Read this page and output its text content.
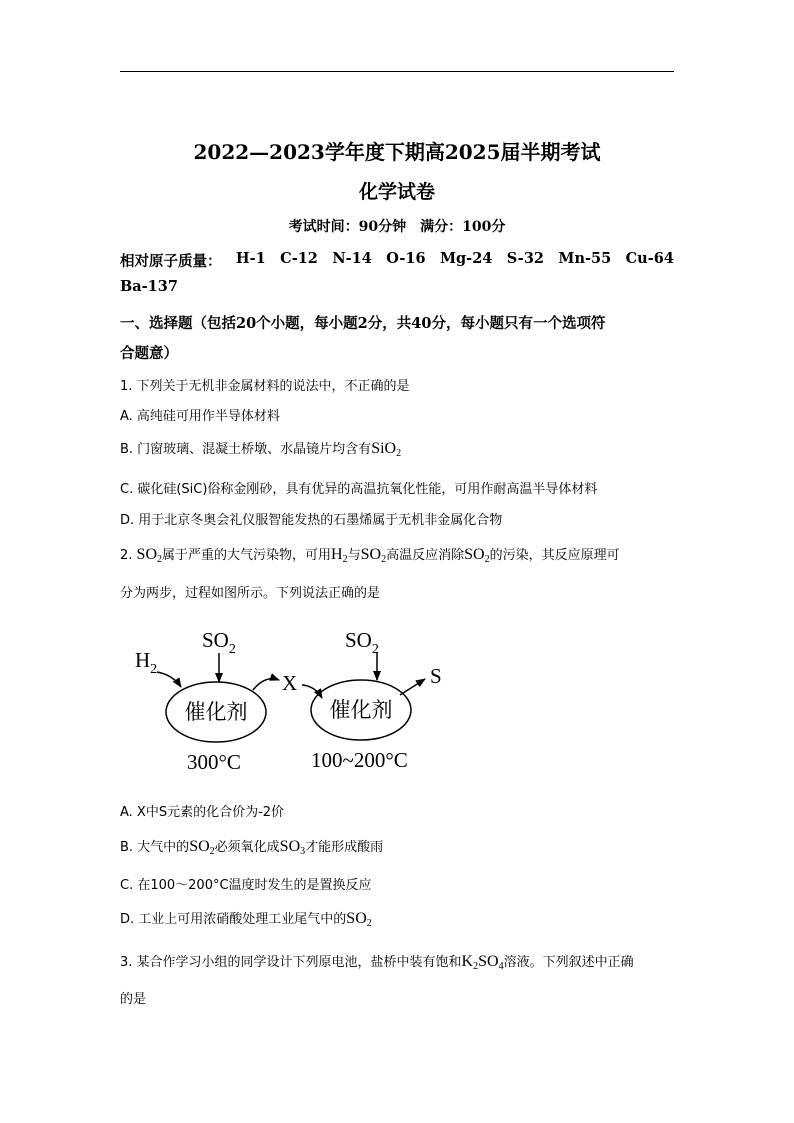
2022—2023学年度下期高2025届半期考试
化学试卷
考试时间：90分钟　满分：100分
相对原子质量： H-1 C-12 N-14 O-16 Mg-24 S-32 Mn-55 Cu-64
Ba-137
一、选择题（包括20个小题，每小题2分，共40分，每小题只有一个选项符
合题意）
1. 下列关于无机非金属材料的说法中，不正确的是
A. 高纯硅可用作半导体材料
B. 门窗玻璃、混凝土桥墩、水晶镜片均含有SiO$_2$
C. 碳化硅(SiC)俗称金刚砂，具有优异的高温抗氧化性能，可用作耐高温半导体材料
D. 用于北京冬奥会礼仪服智能发热的石墨烯属于无机非金属化合物
2. $SO_2$属于严重的大气污染物，可用$H_2$与$SO_2$高温反应消除$SO_2$的污染，其反应原理可
分为两步，过程如图所示。下列说法正确的是
$H_2$
$SO_2$	$SO_2$
X	S
300°C	100~200°C
催化剂	催化剂
A. X中S元素的化合价为-2价
B. 大气中的$SO_2$必须氧化成$SO_3$才能形成酸雨
C. 在100～200°C温度时发生的是置换反应
D. 工业上可用浓硝酸处理工业尾气中的$SO_2$
3. 某合作学习小组的同学设计下列原电池，盐桥中装有饱和$K_2SO_4$溶液。下列叙述中正确
的是
